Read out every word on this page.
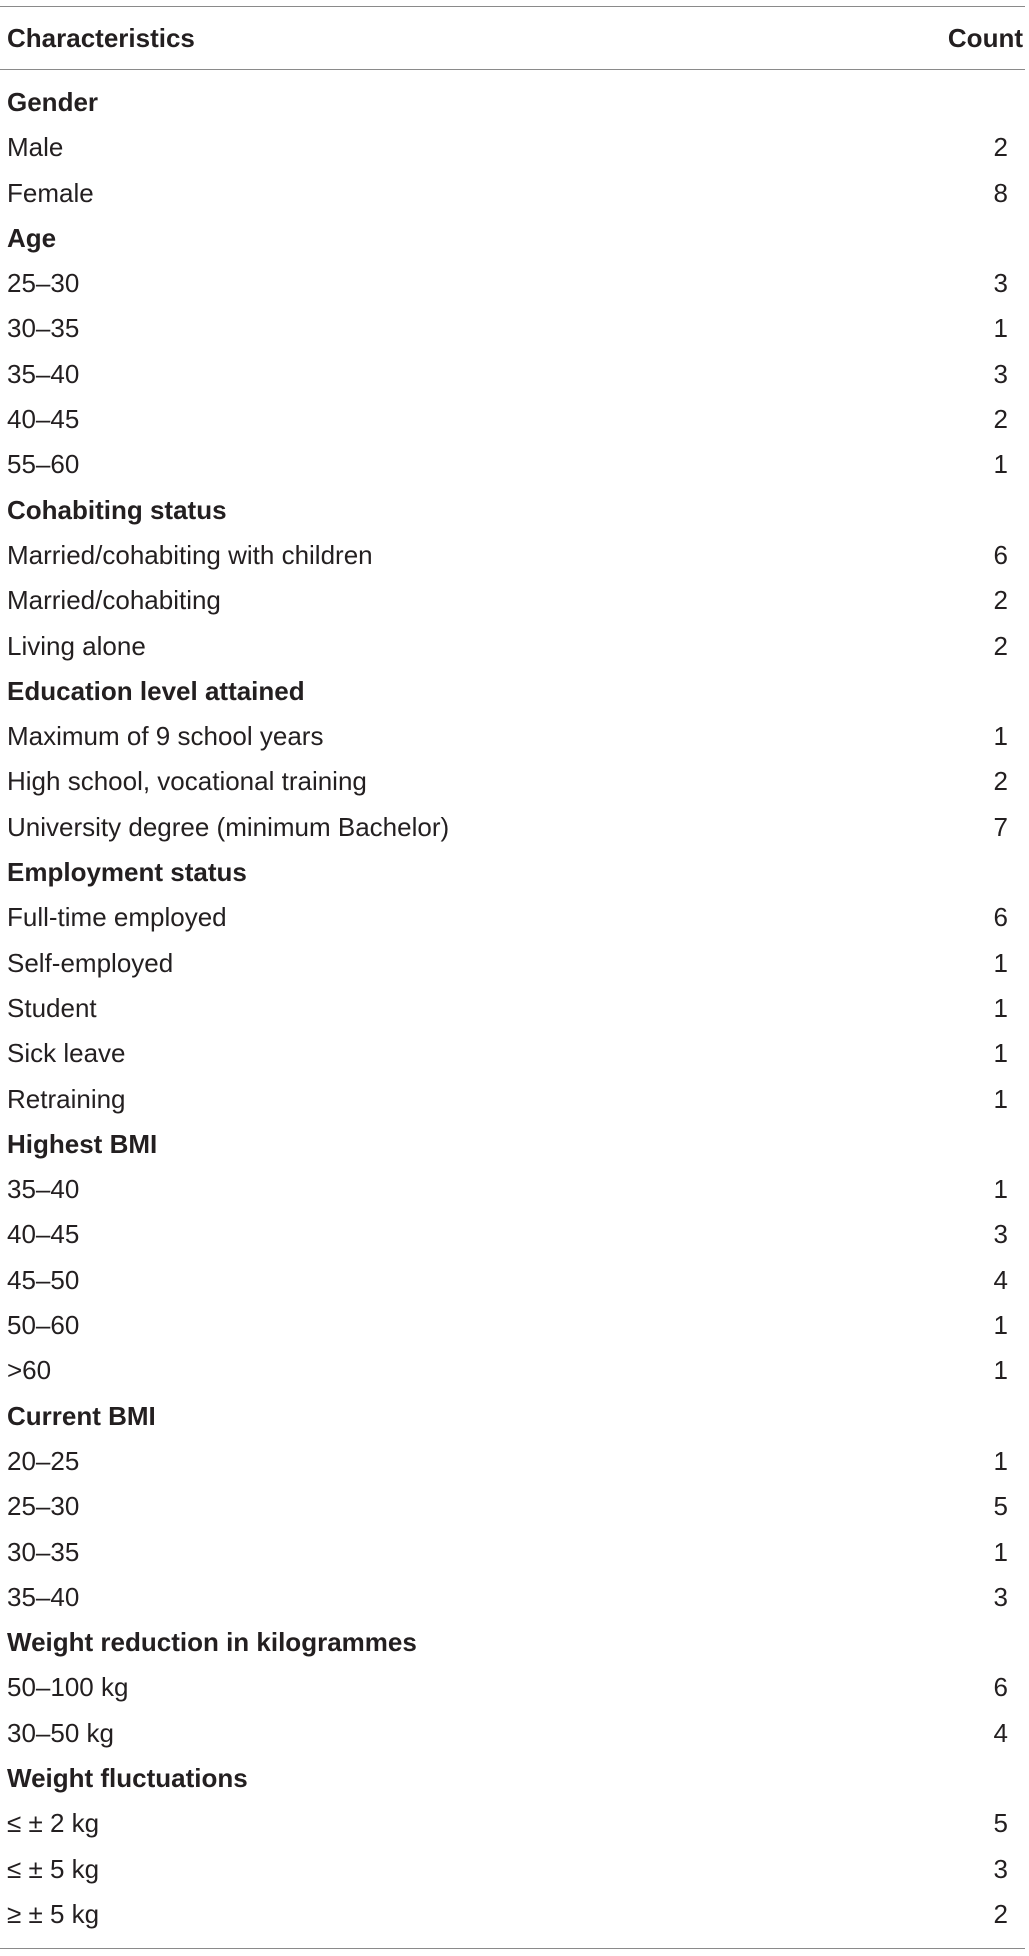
Characteristics	Count
Gender
Male	2
Female	8
Age
25–30	3
30–35	1
35–40	3
40–45	2
55–60	1
Cohabiting status
Married/cohabiting with children	6
Married/cohabiting	2
Living alone	2
Education level attained
Maximum of 9 school years	1
High school, vocational training	2
University degree (minimum Bachelor)	7
Employment status
Full-time employed	6
Self-employed	1
Student	1
Sick leave	1
Retraining	1
Highest BMI
35–40	1
40–45	3
45–50	4
50–60	1
>60	1
Current BMI
20–25	1
25–30	5
30–35	1
35–40	3
Weight reduction in kilogrammes
50–100 kg	6
30–50 kg	4
Weight fluctuations
≤ ± 2 kg	5
≤ ± 5 kg	3
≥ ± 5 kg	2
